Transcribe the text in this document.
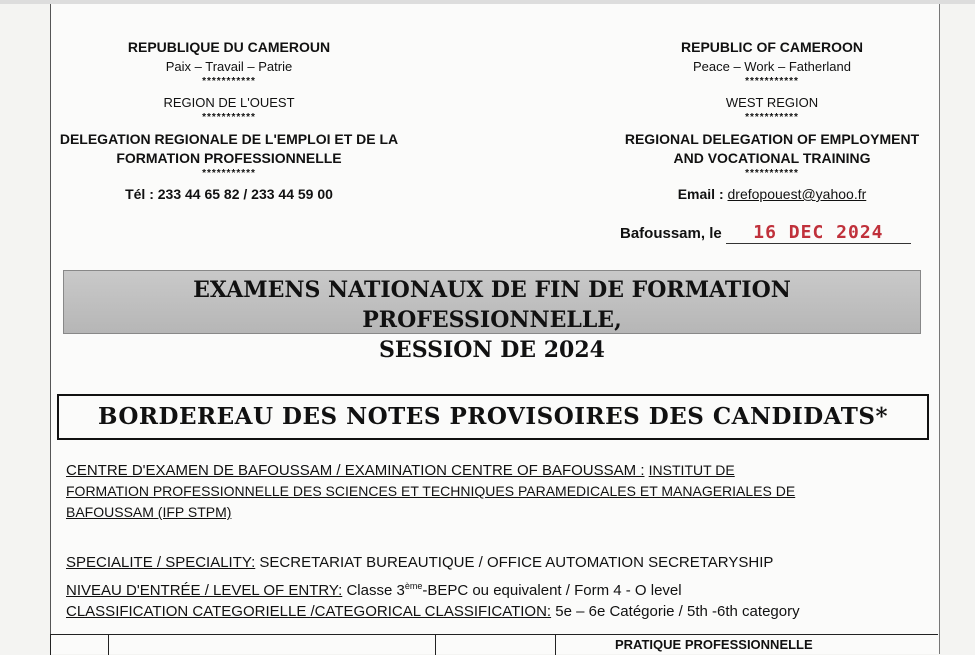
REPUBLIQUE DU CAMEROUN
Paix – Travail – Patrie
***********
REGION DE L'OUEST
***********
DELEGATION REGIONALE DE L'EMPLOI ET DE LA
FORMATION PROFESSIONNELLE
***********
Tél : 233 44 65 82 / 233 44 59 00
REPUBLIC OF CAMEROON
Peace – Work – Fatherland
***********
WEST REGION
***********
REGIONAL DELEGATION OF EMPLOYMENT
AND VOCATIONAL TRAINING
***********
Email : drefopouest@yahoo.fr
Bafoussam, le 16 DEC 2024
EXAMENS NATIONAUX DE FIN DE FORMATION PROFESSIONNELLE,
SESSION DE 2024
BORDEREAU DES NOTES PROVISOIRES DES CANDIDATS*
CENTRE D'EXAMEN DE BAFOUSSAM / EXAMINATION CENTRE OF BAFOUSSAM : INSTITUT DE
FORMATION PROFESSIONNELLE DES SCIENCES ET TECHNIQUES PARAMEDICALES ET MANAGERIALES DE
BAFOUSSAM (IFP STPM)
SPECIALITE / SPECIALITY: SECRETARIAT BUREAUTIQUE / OFFICE AUTOMATION SECRETARYSHIP
NIVEAU D'ENTRÉE / LEVEL OF ENTRY: Classe 3ème-BEPC ou equivalent / Form 4 - O level
CLASSIFICATION CATEGORIELLE /CATEGORICAL CLASSIFICATION: 5e – 6e Catégorie / 5th -6th category
PRATIQUE PROFESSIONNELLE
